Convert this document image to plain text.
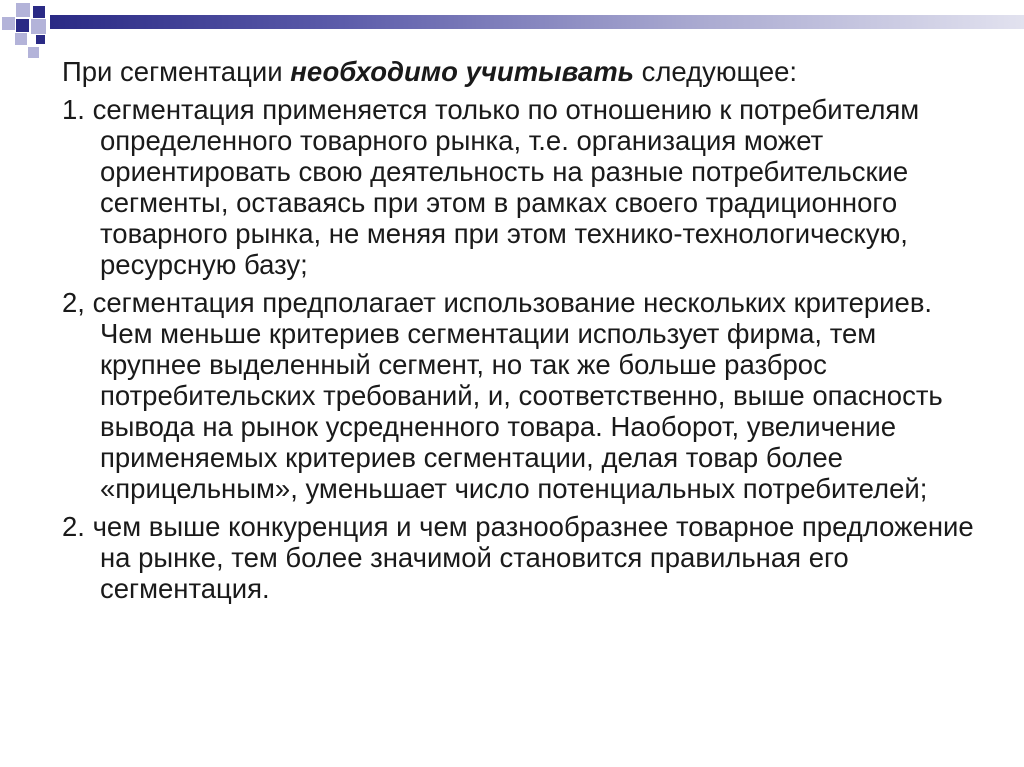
При сегментации необходимо учитывать следующее:

1. сегментация применяется только по отношению к потребителям определенного товарного рынка, т.е. организация может ориентировать свою деятельность на разные потребительские сегменты, оставаясь при этом в рамках своего традиционного товарного рынка, не меняя при этом технико-технологическую, ресурсную базу;

2, сегментация предполагает использование нескольких критериев. Чем меньше критериев сегментации использует фирма, тем крупнее выделенный сегмент, но так же больше разброс потребительских требований, и, соответственно, выше опасность вывода на рынок усредненного товара. Наоборот, увеличение применяемых критериев сегментации, делая товар более «прицельным», уменьшает число потенциальных потребителей;

2. чем выше конкуренция и чем разнообразнее товарное предложение на рынке, тем более значимой становится правильная его сегментация.
